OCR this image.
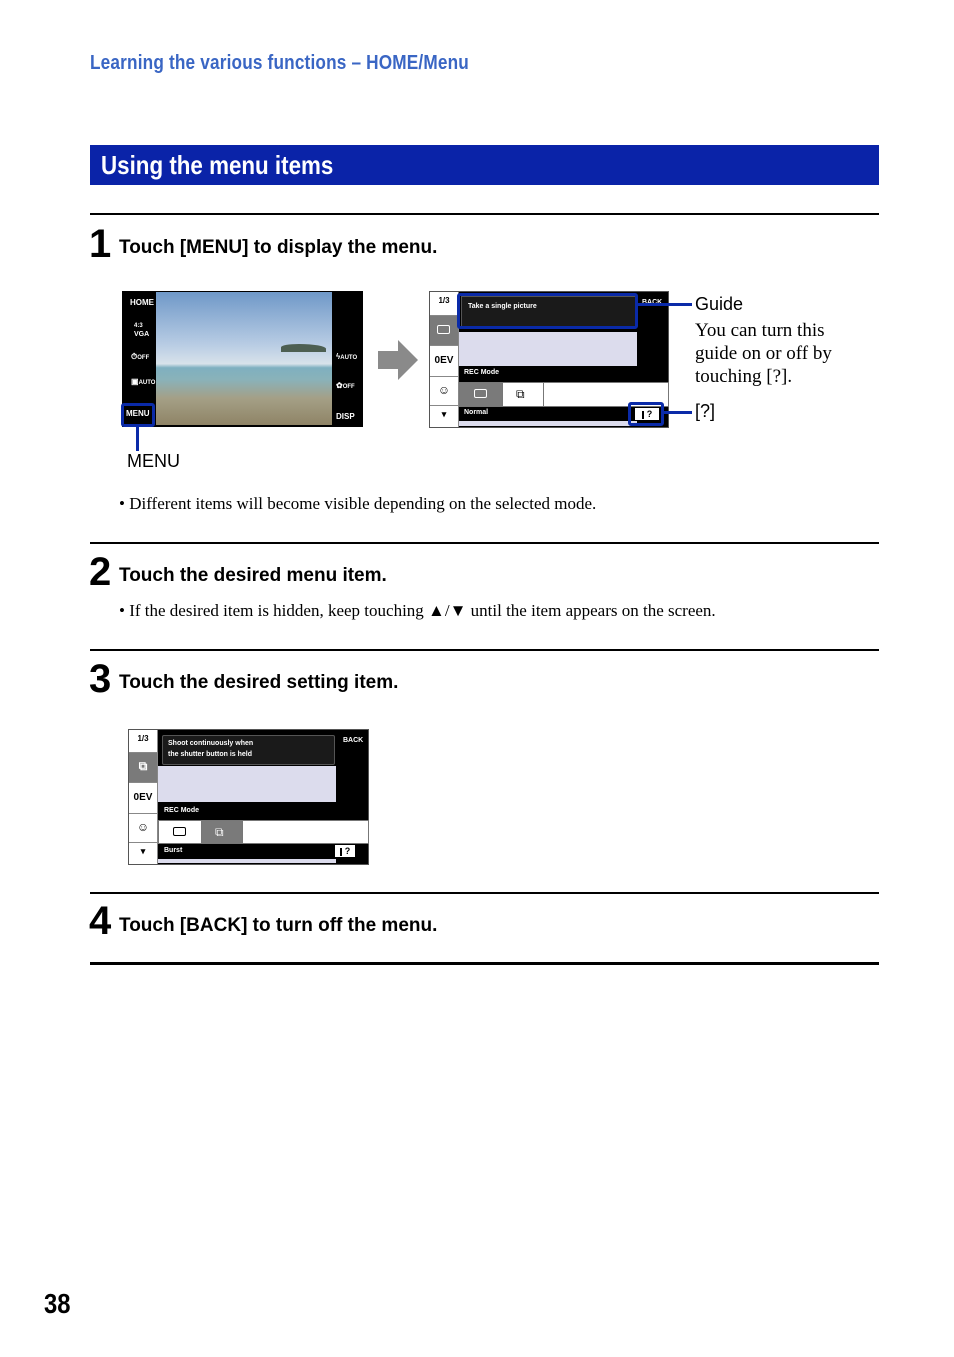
Learning the various functions – HOME/Menu
Using the menu items
1 Touch [MENU] to display the menu.
HOME
4:3
VGA
⏱OFF
▣AUTO
MENU
ϟAUTO
✿OFF
DISP
MENU
1/3
0EV
☺
▾
Take a single picture
REC Mode
⧉
Normal	?
Guide
You can turn this
guide on or off by
touching [?].
[?]
• Different items will become visible depending on the selected mode.
2 Touch the desired menu item.
• If the desired item is hidden, keep touching ▲/▼ until the item appears on the screen.
3 Touch the desired setting item.
1/3
⧉
0EV
☺
▾
Shoot continuously when
the shutter button is held
BACK
REC Mode
⧉
Burst	?
4 Touch [BACK] to turn off the menu.
38
